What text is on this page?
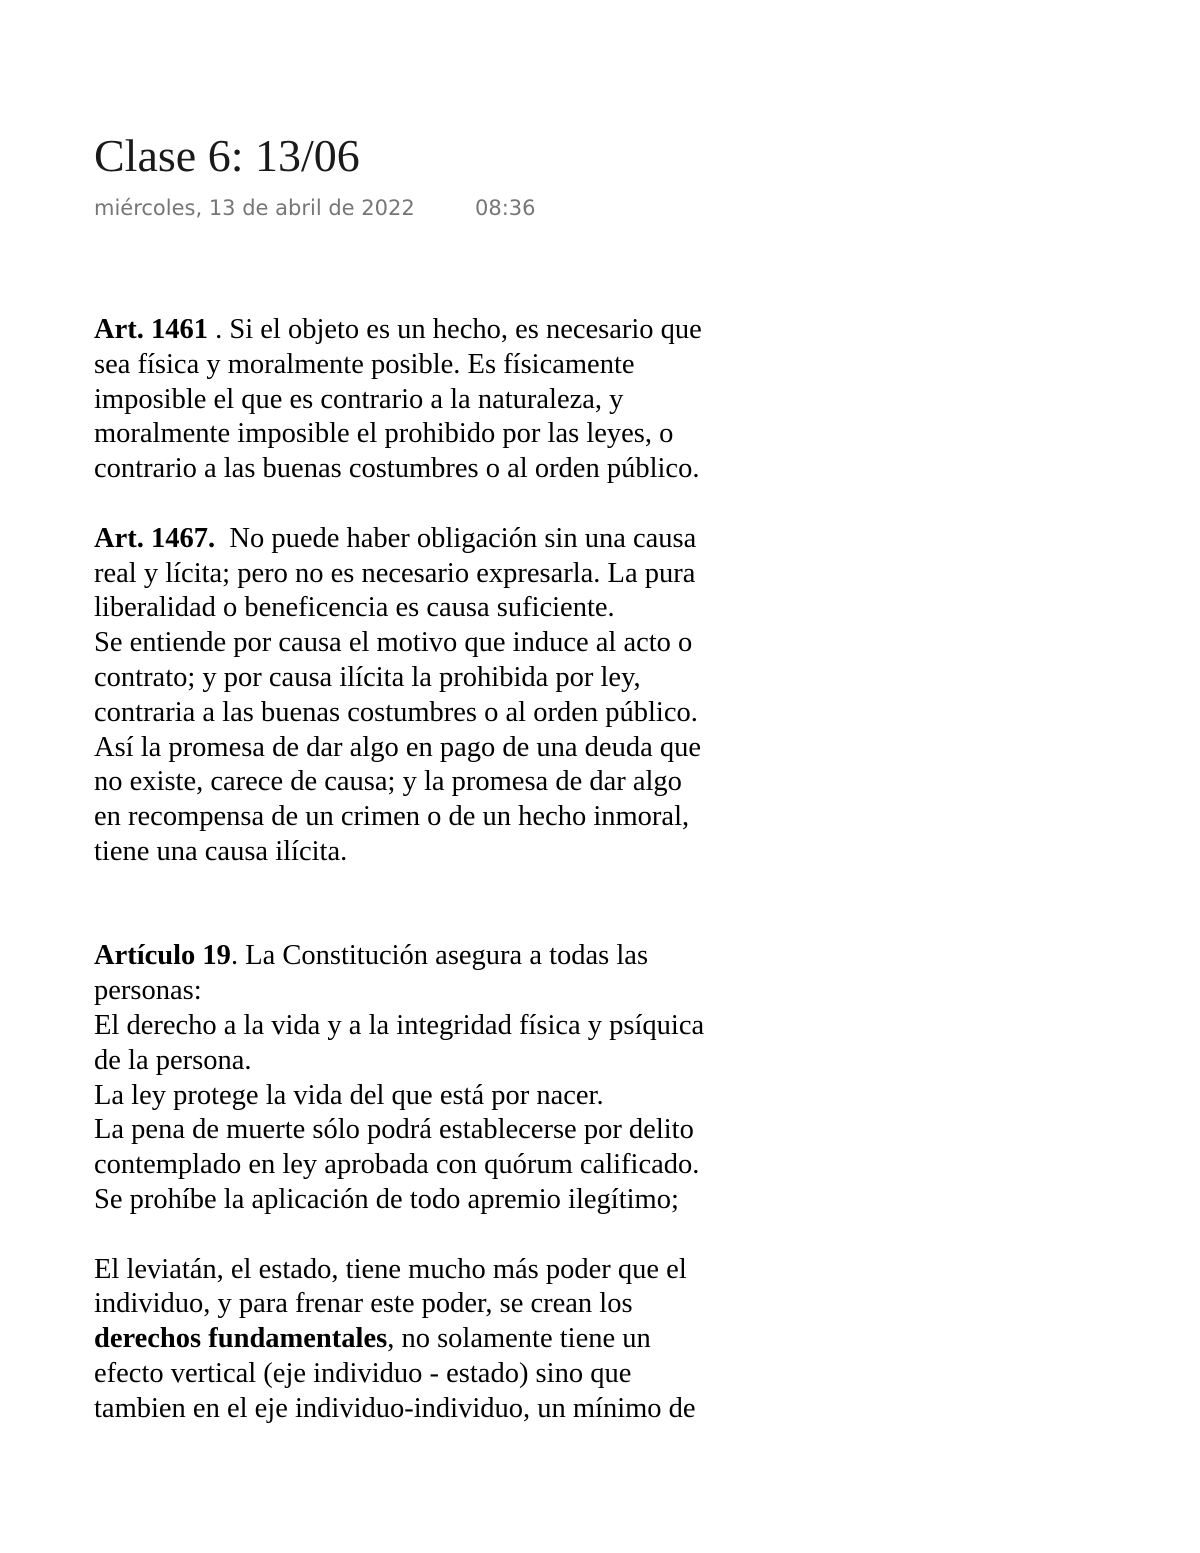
Clase 6: 13/06
miércoles, 13 de abril de 2022	08:36
Art. 1461 . Si el objeto es un hecho, es necesario que
sea física y moralmente posible. Es físicamente
imposible el que es contrario a la naturaleza, y
moralmente imposible el prohibido por las leyes, o
contrario a las buenas costumbres o al orden público.
Art. 1467.  No puede haber obligación sin una causa
real y lícita; pero no es necesario expresarla. La pura
liberalidad o beneficencia es causa suficiente.
Se entiende por causa el motivo que induce al acto o
contrato; y por causa ilícita la prohibida por ley,
contraria a las buenas costumbres o al orden público.
Así la promesa de dar algo en pago de una deuda que
no existe, carece de causa; y la promesa de dar algo
en recompensa de un crimen o de un hecho inmoral,
tiene una causa ilícita.
Artículo 19. La Constitución asegura a todas las
personas:
El derecho a la vida y a la integridad física y psíquica
de la persona.
La ley protege la vida del que está por nacer.
La pena de muerte sólo podrá establecerse por delito
contemplado en ley aprobada con quórum calificado.
Se prohíbe la aplicación de todo apremio ilegítimo;
El leviatán, el estado, tiene mucho más poder que el
individuo, y para frenar este poder, se crean los
derechos fundamentales, no solamente tiene un
efecto vertical (eje individuo - estado) sino que
tambien en el eje individuo-individuo, un mínimo de
